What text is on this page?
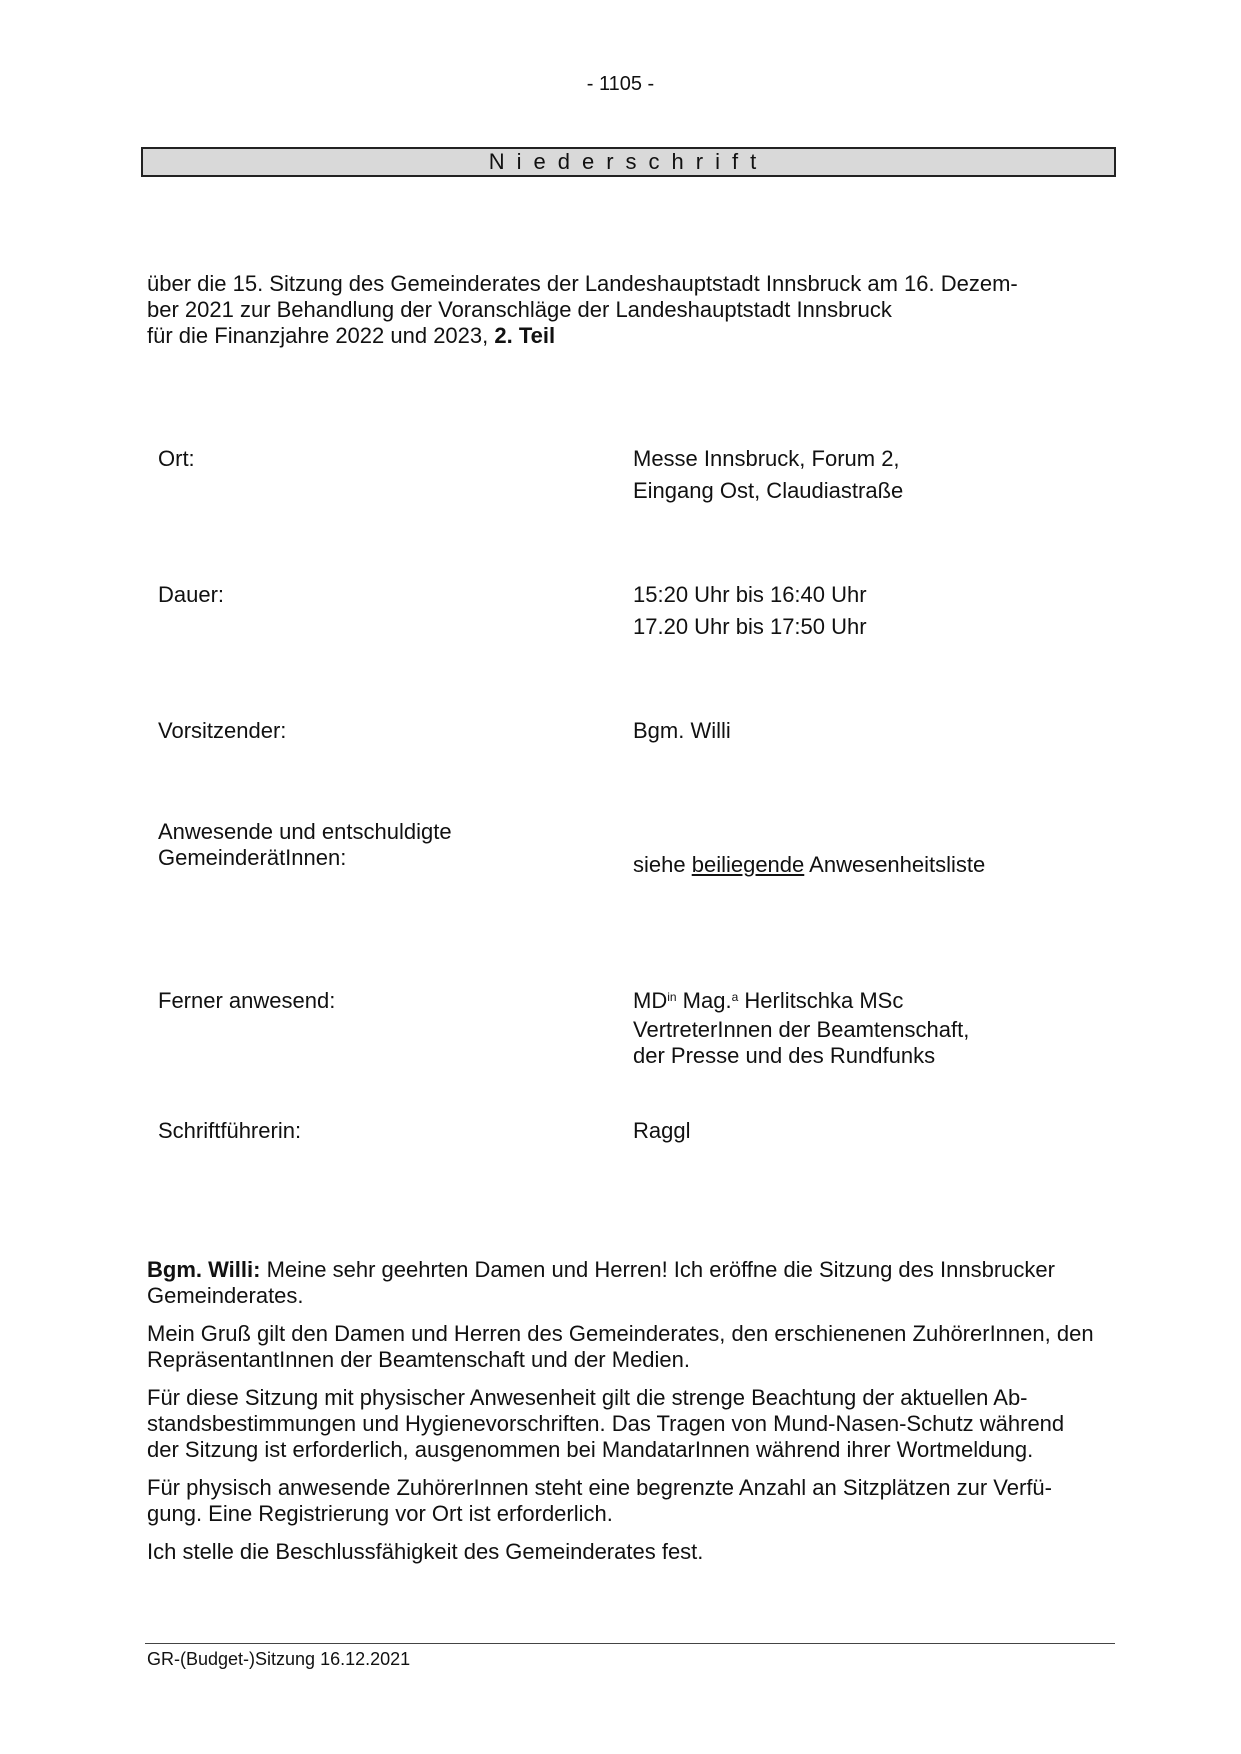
- 1105 -
Niederschrift
über die 15. Sitzung des Gemeinderates der Landeshauptstadt Innsbruck am 16. Dezem-
ber 2021 zur Behandlung der Voranschläge der Landeshauptstadt Innsbruck
für die Finanzjahre 2022 und 2023, 2. Teil
Ort:	Messe Innsbruck, Forum 2,
Eingang Ost, Claudiastraße
Dauer:	15:20 Uhr bis 16:40 Uhr
17.20 Uhr bis 17:50 Uhr
Vorsitzender:	Bgm. Willi
Anwesende und entschuldigte
GemeinderätInnen:	siehe beiliegende Anwesenheitsliste
Ferner anwesend:	$MD^{in}$ Mag.$^a$ Herlitschka MSc
VertreterInnen der Beamtenschaft,
der Presse und des Rundfunks
Schriftführerin:	Raggl

Bgm. Willi: Meine sehr geehrten Damen und Herren! Ich eröffne die Sitzung des Innsbrucker Gemeinderates.

Mein Gruß gilt den Damen und Herren des Gemeinderates, den erschienenen ZuhörerInnen, den RepräsentantInnen der Beamtenschaft und der Medien.

Für diese Sitzung mit physischer Anwesenheit gilt die strenge Beachtung der aktuellen Ab-
standsbestimmungen und Hygienevorschriften. Das Tragen von Mund-Nasen-Schutz während
der Sitzung ist erforderlich, ausgenommen bei MandatarInnen während ihrer Wortmeldung.

Für physisch anwesende ZuhörerInnen steht eine begrenzte Anzahl an Sitzplätzen zur Verfü-
gung. Eine Registrierung vor Ort ist erforderlich.

Ich stelle die Beschlussfähigkeit des Gemeinderates fest.

GR-(Budget-)Sitzung 16.12.2021
